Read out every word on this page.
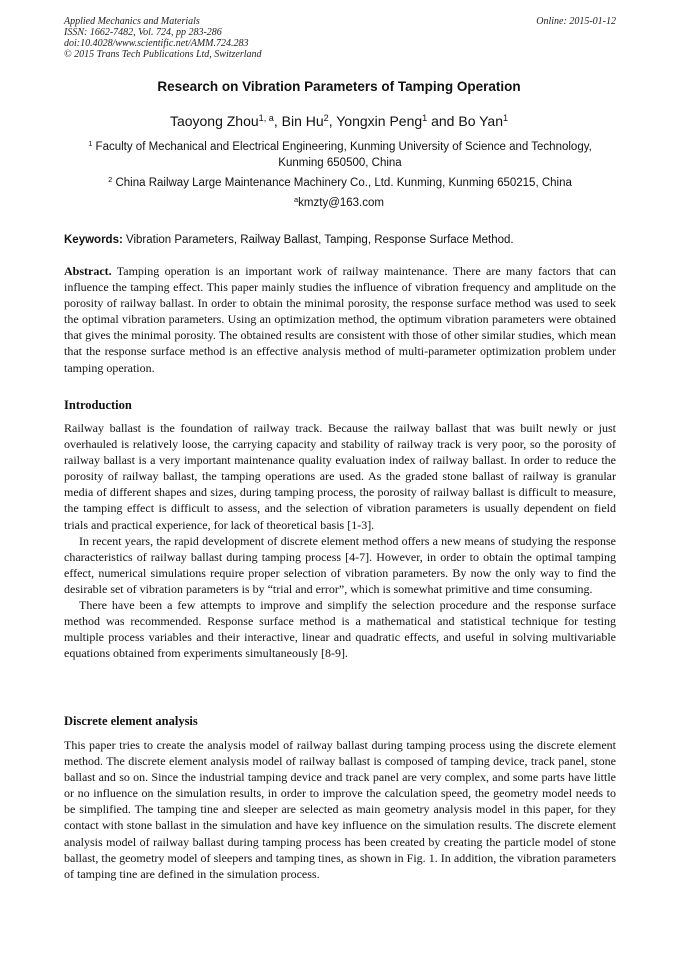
Applied Mechanics and Materials
ISSN: 1662-7482, Vol. 724, pp 283-286
doi:10.4028/www.scientific.net/AMM.724.283
© 2015 Trans Tech Publications Ltd, Switzerland
Online: 2015-01-12
Research on Vibration Parameters of Tamping Operation
Taoyong Zhou$^{1, a}$, Bin Hu$^2$, Yongxin Peng$^1$ and Bo Yan$^1$
$^1$ Faculty of Mechanical and Electrical Engineering, Kunming University of Science and Technology, Kunming 650500, China
$^2$ China Railway Large Maintenance Machinery Co., Ltd. Kunming, Kunming 650215, China
$^a$kmzty@163.com
Keywords: Vibration Parameters, Railway Ballast, Tamping, Response Surface Method.
Abstract. Tamping operation is an important work of railway maintenance. There are many factors that can influence the tamping effect. This paper mainly studies the influence of vibration frequency and amplitude on the porosity of railway ballast. In order to obtain the minimal porosity, the response surface method was used to seek the optimal vibration parameters. Using an optimization method, the optimum vibration parameters were obtained that gives the minimal porosity. The obtained results are consistent with those of other similar studies, which mean that the response surface method is an effective analysis method of multi-parameter optimization problem under tamping operation.
Introduction

Railway ballast is the foundation of railway track. Because the railway ballast that was built newly or just overhauled is relatively loose, the carrying capacity and stability of railway track is very poor, so the porosity of railway ballast is a very important maintenance quality evaluation index of railway ballast. In order to reduce the porosity of railway ballast, the tamping operations are used. As the graded stone ballast of railway is granular media of different shapes and sizes, during tamping process, the porosity of railway ballast is difficult to measure, the tamping effect is difficult to assess, and the selection of vibration parameters is usually dependent on field trials and practical experience, for lack of theoretical basis [1-3].

In recent years, the rapid development of discrete element method offers a new means of studying the response characteristics of railway ballast during tamping process [4-7]. However, in order to obtain the optimal tamping effect, numerical simulations require proper selection of vibration parameters. By now the only way to find the desirable set of vibration parameters is by “trial and error”, which is somewhat primitive and time consuming.

There have been a few attempts to improve and simplify the selection procedure and the response surface method was recommended. Response surface method is a mathematical and statistical technique for testing multiple process variables and their interactive, linear and quadratic effects, and useful in solving multivariable equations obtained from experiments simultaneously [8-9].

Discrete element analysis

This paper tries to create the analysis model of railway ballast during tamping process using the discrete element method. The discrete element analysis model of railway ballast is composed of tamping device, track panel, stone ballast and so on. Since the industrial tamping device and track panel are very complex, and some parts have little or no influence on the simulation results, in order to improve the calculation speed, the geometry model needs to be simplified. The tamping tine and sleeper are selected as main geometry analysis model in this paper, for they contact with stone ballast in the simulation and have key influence on the simulation results. The discrete element analysis model of railway ballast during tamping process has been created by creating the particle model of stone ballast, the geometry model of sleepers and tamping tines, as shown in Fig. 1. In addition, the vibration parameters of tamping tine are defined in the simulation process.
